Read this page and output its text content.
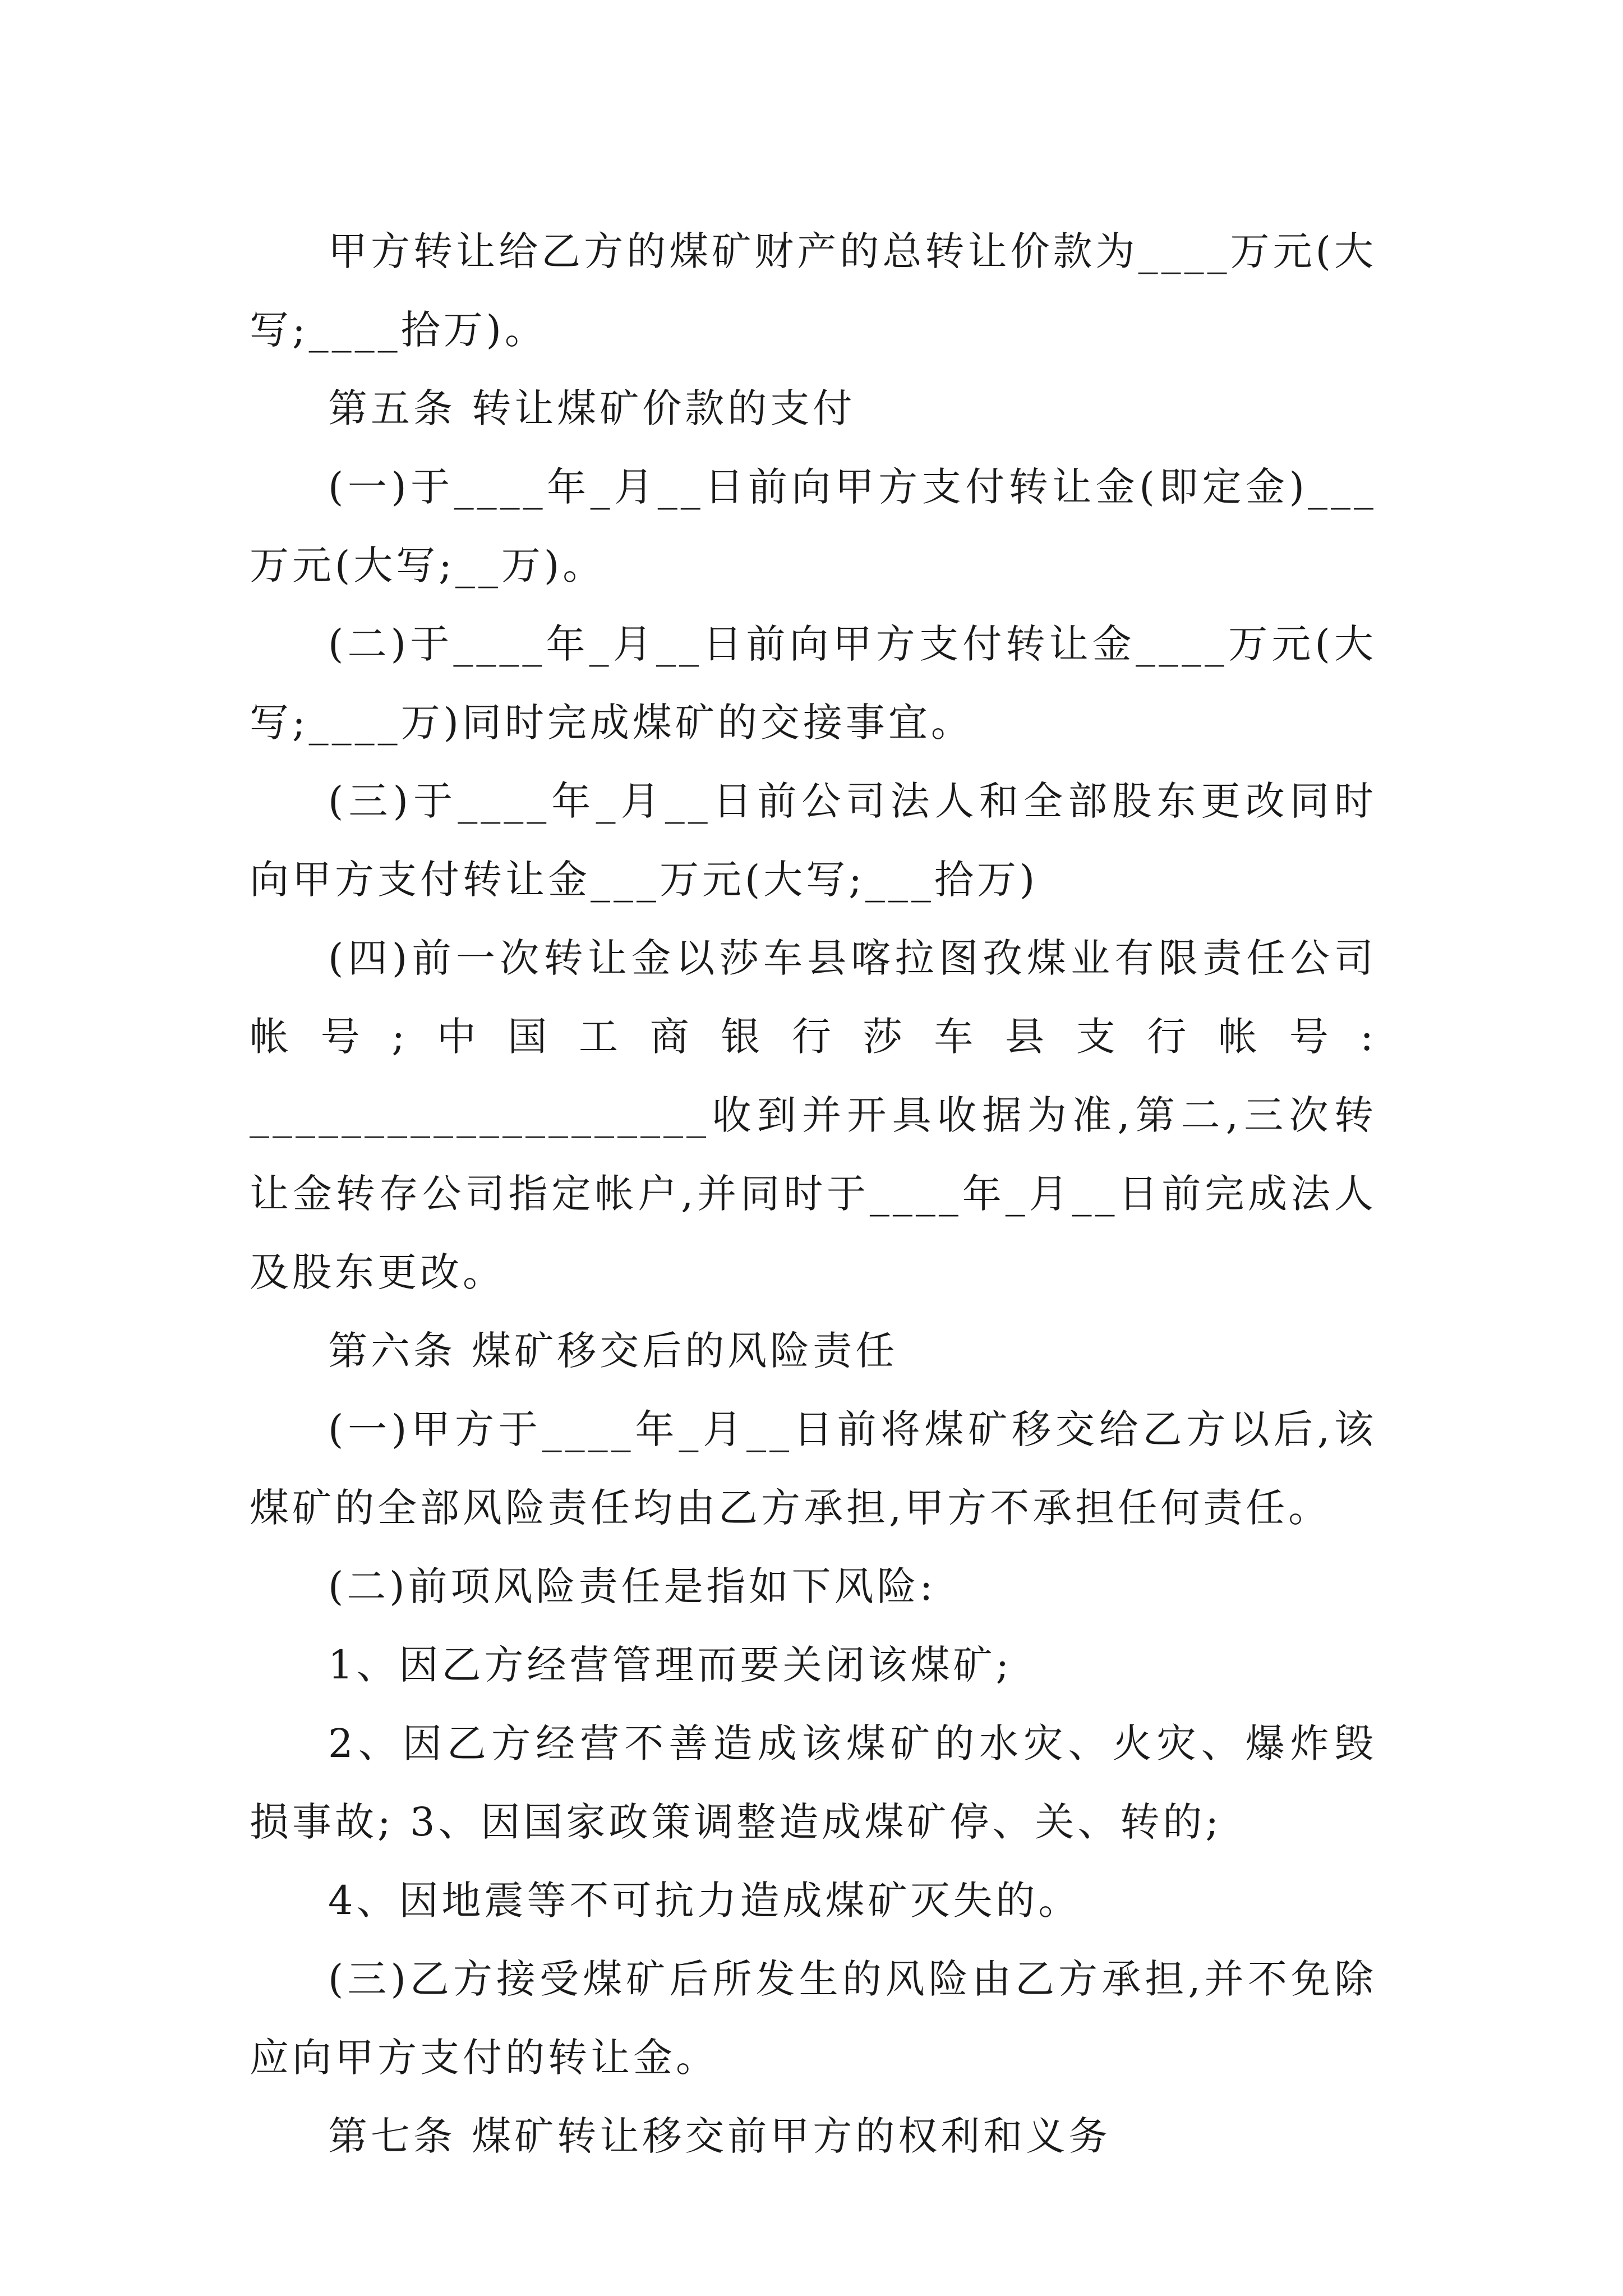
甲方转让给乙方的煤矿财产的总转让价款为____万元(大写;____拾万)。

第五条 转让煤矿价款的支付

(一)于____年_月__日前向甲方支付转让金(即定金)___万元(大写;__万)。

(二)于____年_月__日前向甲方支付转让金____万元(大写;____万)同时完成煤矿的交接事宜。

(三)于____年_月__日前公司法人和全部股东更改同时向甲方支付转让金___万元(大写;___拾万)

(四)前一次转让金以莎车县喀拉图孜煤业有限责任公司帐号;中国工商银行莎车县支行帐号: ____________________收到并开具收据为准,第二,三次转让金转存公司指定帐户,并同时于____年_月__日前完成法人及股东更改。

第六条 煤矿移交后的风险责任

(一)甲方于____年_月__日前将煤矿移交给乙方以后,该煤矿的全部风险责任均由乙方承担,甲方不承担任何责任。

(二)前项风险责任是指如下风险:

1、因乙方经营管理而要关闭该煤矿;

2、因乙方经营不善造成该煤矿的水灾、火灾、爆炸毁损事故; 3、因国家政策调整造成煤矿停、关、转的;

4、因地震等不可抗力造成煤矿灭失的。

(三)乙方接受煤矿后所发生的风险由乙方承担,并不免除应向甲方支付的转让金。

第七条 煤矿转让移交前甲方的权利和义务
